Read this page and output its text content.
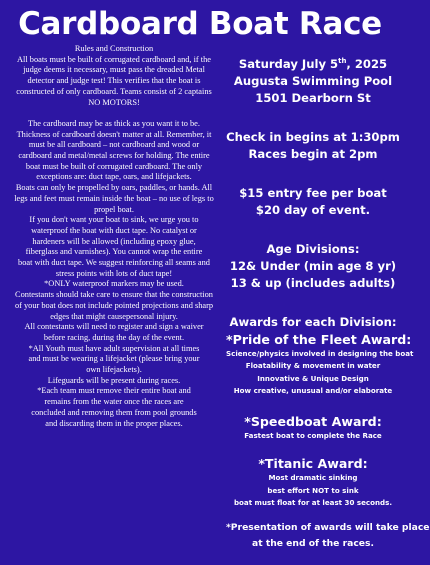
Cardboard Boat Race

Rules and Construction

All boats must be built of corrugated cardboard and, if the

judge deems it necessary, must pass the dreaded Metal

detector and judge test! This verifies that the boat is

constructed of only cardboard. Teams consist of 2 captains

NO MOTORS!

The cardboard may be as thick as you want it to be.

Thickness of cardboard doesn't matter at all. Remember, it

must be all cardboard – not cardboard and wood or

cardboard and metal/metal screws for holding. The entire

boat must be built of corrugated cardboard. The only

exceptions are: duct tape, oars, and lifejackets.

Boats can only be propelled by oars, paddles, or hands. All

legs and feet must remain inside the boat – no use of legs to

propel boat.

If you don't want your boat to sink, we urge you to

waterproof the boat with duct tape. No catalyst or

hardeners will be allowed (including epoxy glue,

fiberglass and varnishes). You cannot wrap the entire

boat with duct tape. We suggest reinforcing all seams and

stress points with lots of duct tape!

*ONLY waterproof markers may be used.

Contestants should take care to ensure that the construction

of your boat does not include pointed projections and sharp

edges that might causepersonal injury.

All contestants will need to register and sign a waiver

before racing, during the day of the event.

*All Youth must have adult supervision at all times

and must be wearing a lifejacket (please bring your

own lifejackets).

Lifeguards will be present during races.

*Each team must remove their entire boat and

remains from the water once the races are

concluded and removing them from pool grounds

and discarding them in the proper places.

Saturday July 5th, 2025

Augusta Swimming Pool

1501 Dearborn St

Check in begins at 1:30pm

Races begin at 2pm

$15 entry fee per boat

$20 day of event.

Age Divisions:

12& Under (min age 8 yr)

13 & up (includes adults)

Awards for each Division:

*Pride of the Fleet Award:

Science/physics involved in designing the boat

Floatability & movement in water

Innovative & Unique Design

How creative, unusual and/or elaborate

*Speedboat Award:

Fastest boat to complete the Race

*Titanic Award:

Most dramatic sinking

best effort NOT to sink

boat must float for at least 30 seconds.

*Presentation of awards will take place

at the end of the races.
